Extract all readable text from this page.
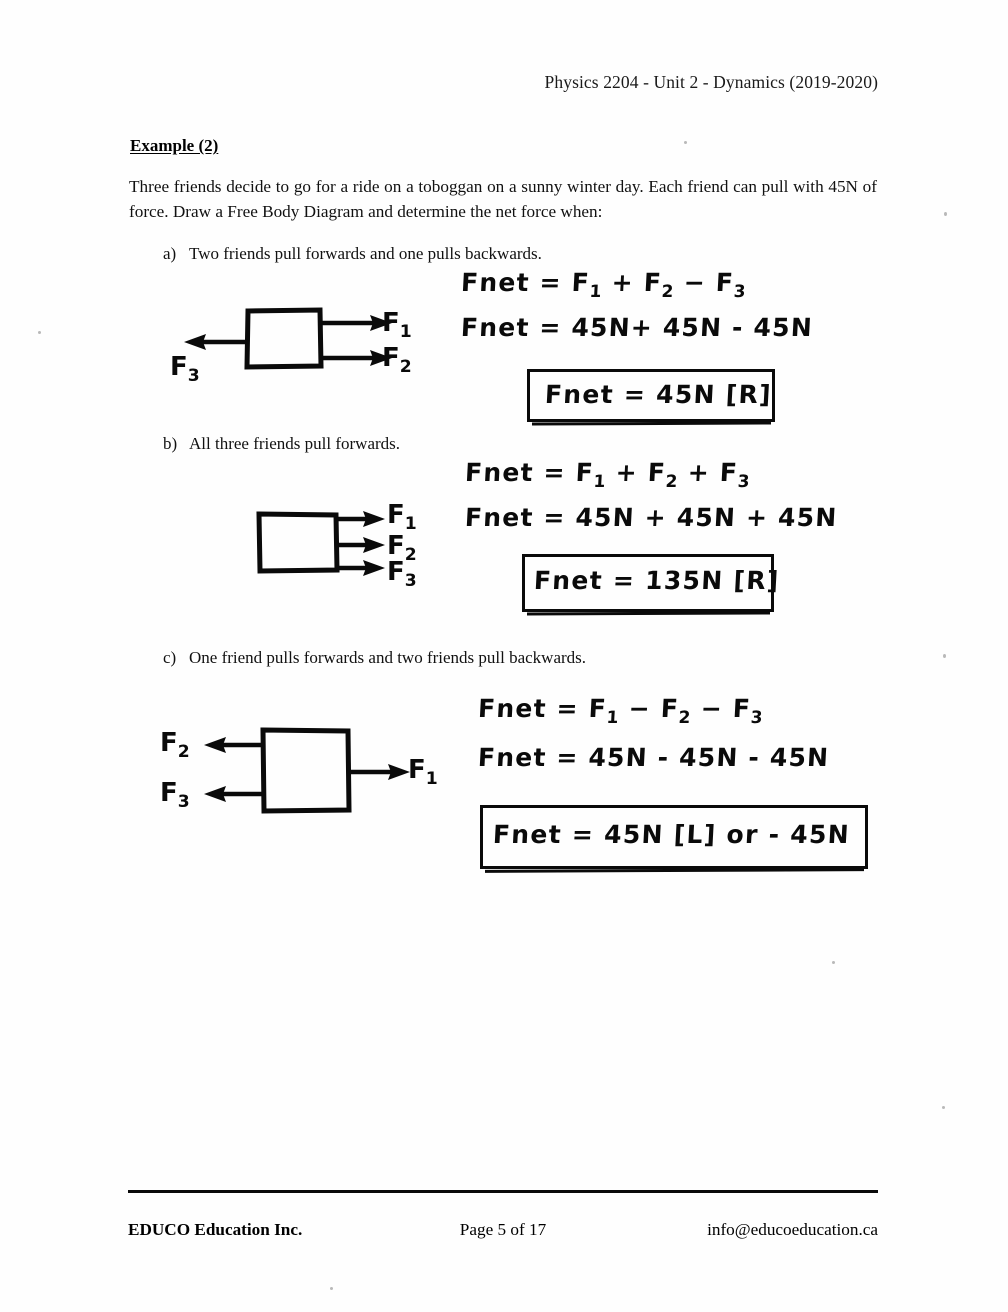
Physics 2204 - Unit 2 - Dynamics (2019-2020)
Example (2)
Three friends decide to go for a ride on a toboggan on a sunny winter day. Each friend can pull with 45N of force. Draw a Free Body Diagram and determine the net force when:
a) Two friends pull forwards and one pulls backwards.
$F_1$
$F_2$
$F_3$
Fnet = $F_1 + F_2 - F_3$
Fnet = 45N+ 45N - 45N
Fnet = 45N [R]
b) All three friends pull forwards.
$F_1$
$F_2$
$F_3$
Fnet = $F_1 + F_2 + F_3$
Fnet = 45N + 45N + 45N
Fnet = 135N [R]
c) One friend pulls forwards and two friends pull backwards.
$F_2$
$F_3$
$F_1$
Fnet = $F_1 - F_2 - F_3$
Fnet = 45N - 45N - 45N
Fnet = 45N [L] or - 45N
EDUCO Education Inc.	Page 5 of 17	info@educoeducation.ca
